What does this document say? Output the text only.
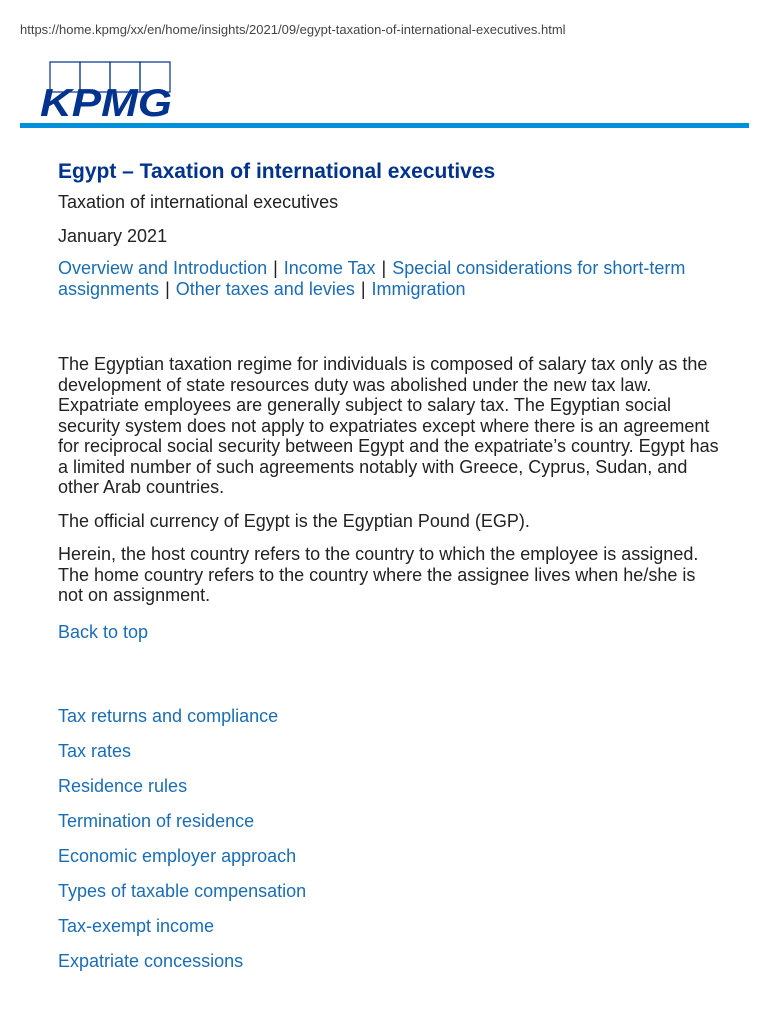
https://home.kpmg/xx/en/home/insights/2021/09/egypt-taxation-of-international-executives.html
KPMG
Egypt – Taxation of international executives

Taxation of international executives

January 2021

Overview and Introduction | Income Tax | Special considerations for short-term assignments | Other taxes and levies | Immigration

The Egyptian taxation regime for individuals is composed of salary tax only as the development of state resources duty was abolished under the new tax law. Expatriate employees are generally subject to salary tax. The Egyptian social security system does not apply to expatriates except where there is an agreement for reciprocal social security between Egypt and the expatriate’s country. Egypt has a limited number of such agreements notably with Greece, Cyprus, Sudan, and other Arab countries.

The official currency of Egypt is the Egyptian Pound (EGP).

Herein, the host country refers to the country to which the employee is assigned. The home country refers to the country where the assignee lives when he/she is not on assignment.

Back to top
Tax returns and compliance
Tax rates
Residence rules
Termination of residence
Economic employer approach
Types of taxable compensation
Tax-exempt income
Expatriate concessions
